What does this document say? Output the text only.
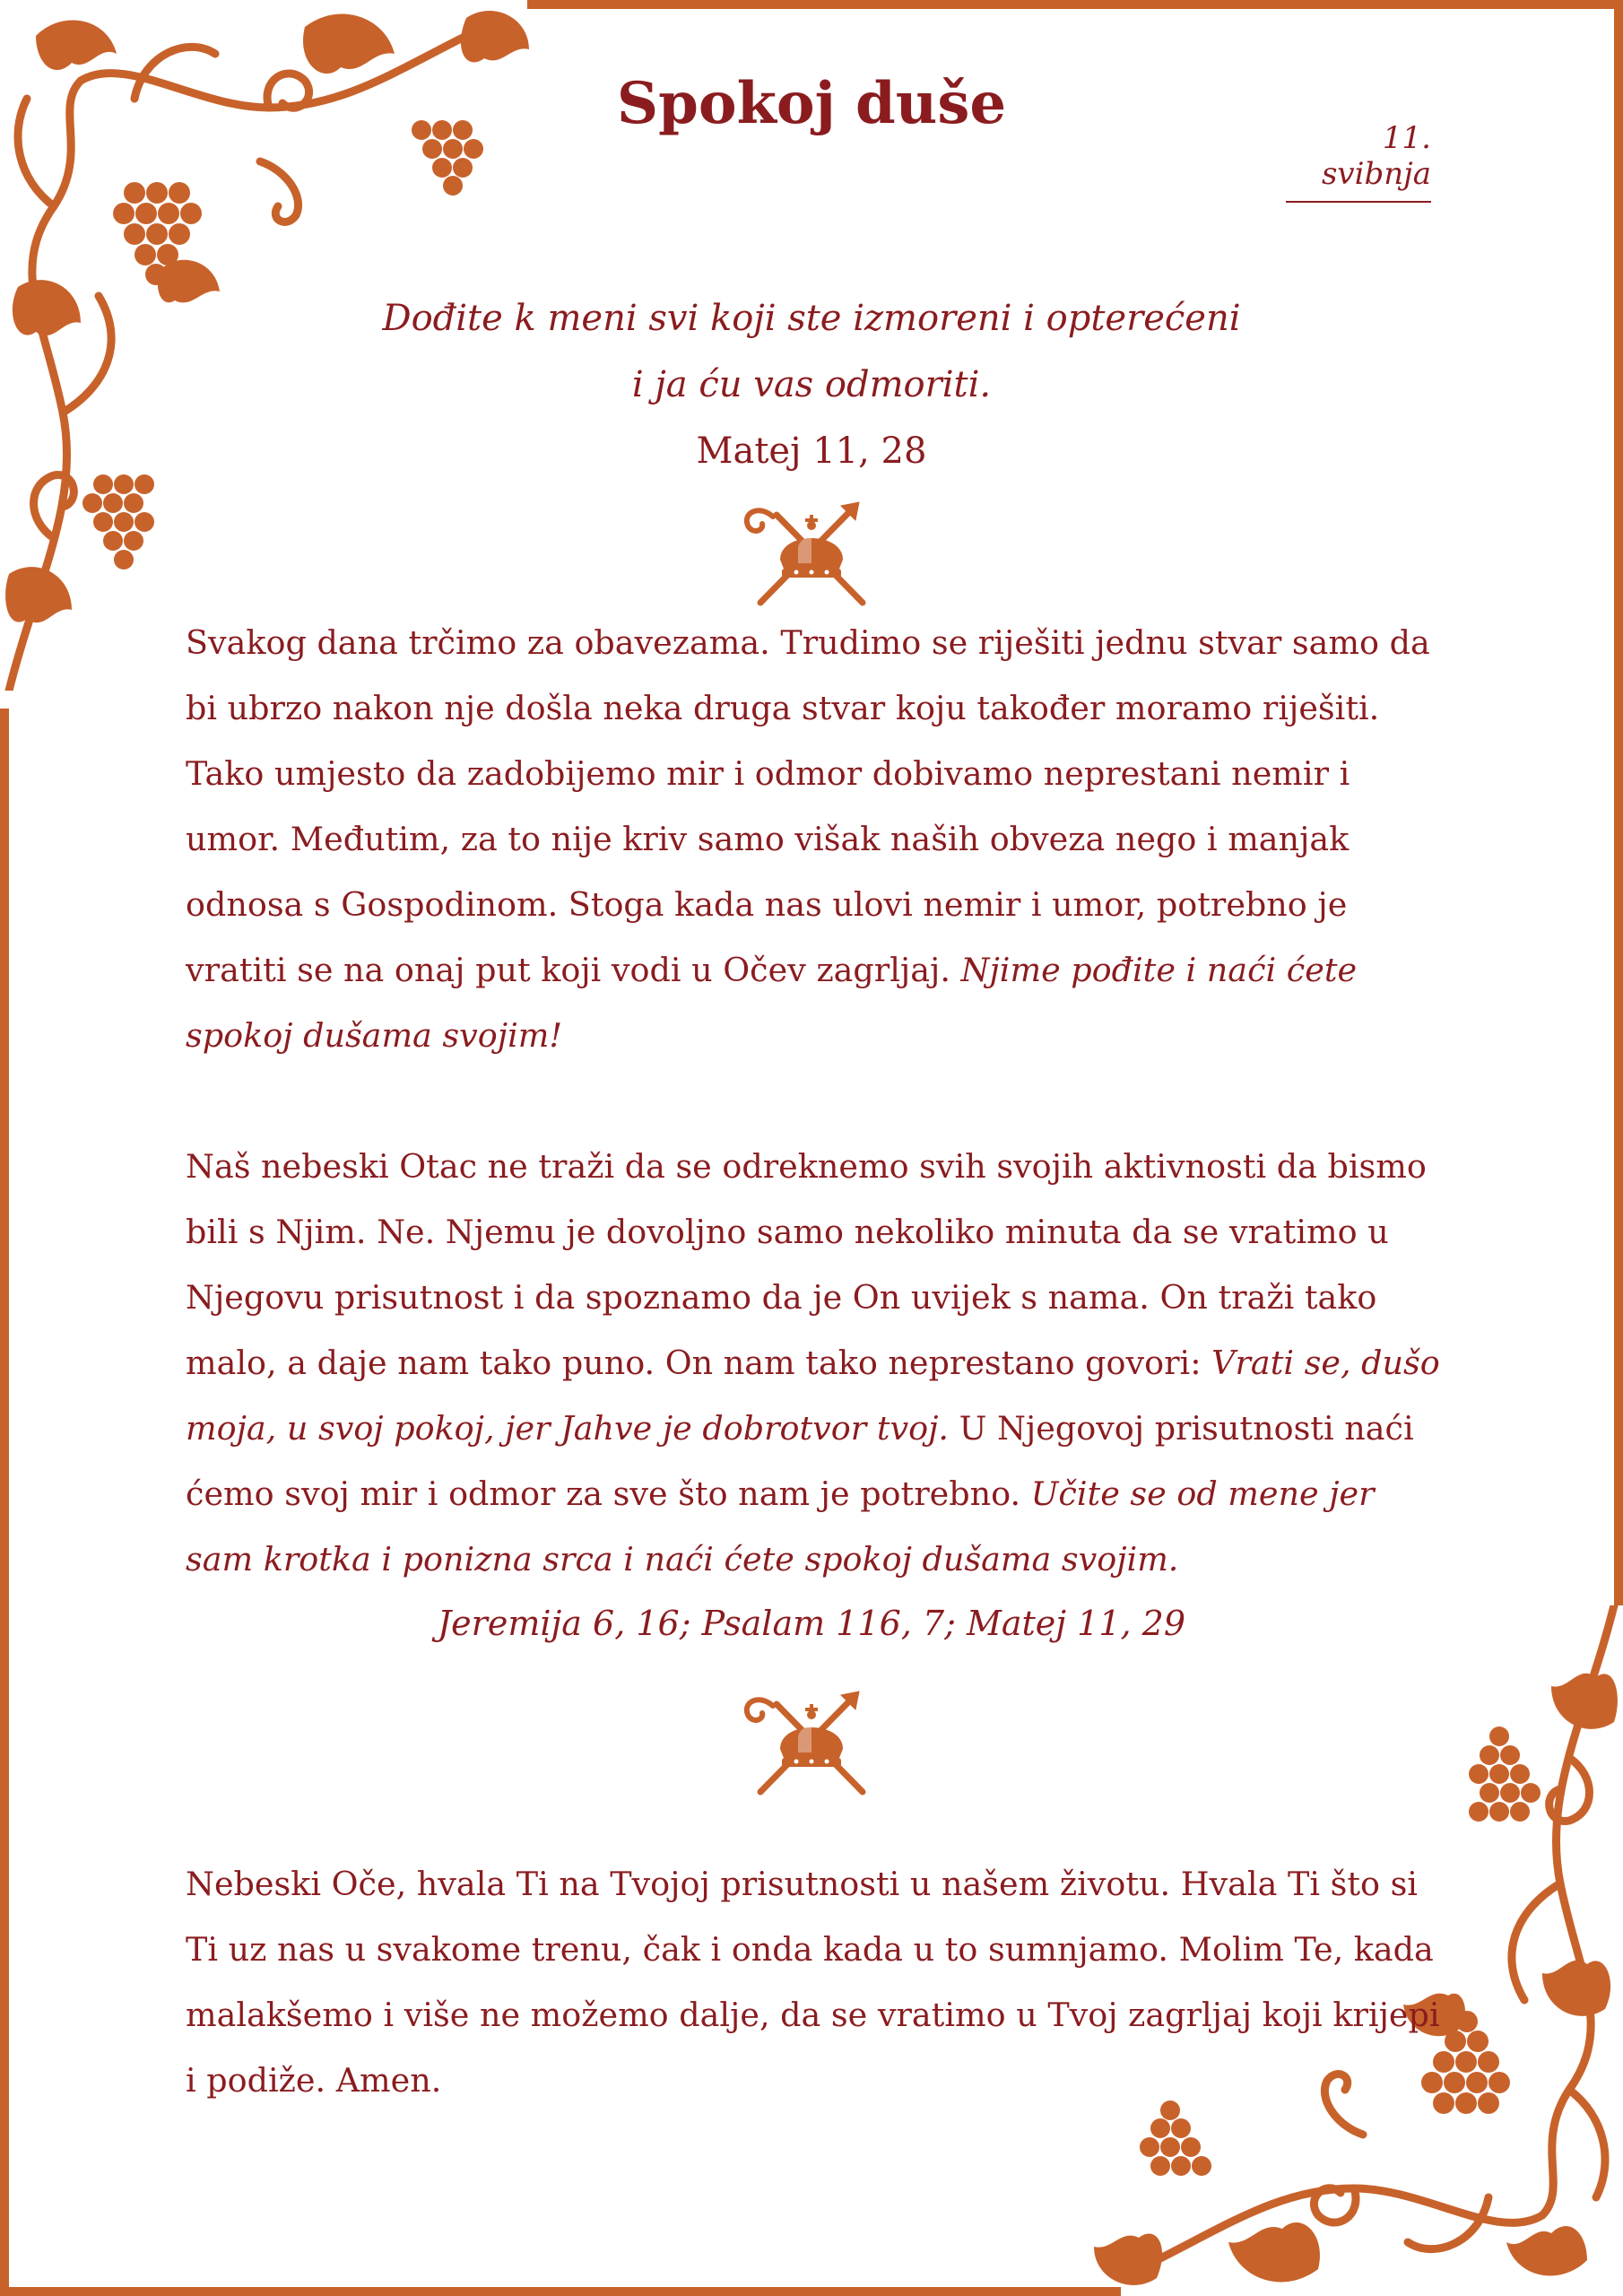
Spokoj duše
11. svibnja
Dođite k meni svi koji ste izmoreni i opterećeni
i ja ću vas odmoriti.
Matej 11, 28

Svakog dana trčimo za obavezama. Trudimo se riješiti jednu stvar samo da bi ubrzo nakon nje došla neka druga stvar koju također moramo riješiti. Tako umjesto da zadobijemo mir i odmor dobivamo neprestani nemir i umor. Međutim, za to nije kriv samo višak naših obveza nego i manjak odnosa s Gospodinom. Stoga kada nas ulovi nemir i umor, potrebno je vratiti se na onaj put koji vodi u Očev zagrljaj. Njime pođite i naći ćete spokoj dušama svojim!

Naš nebeski Otac ne traži da se odreknemo svih svojih aktivnosti da bismo bili s Njim. Ne. Njemu je dovoljno samo nekoliko minuta da se vratimo u Njegovu prisutnost i da spoznamo da je On uvijek s nama. On traži tako malo, a daje nam tako puno. On nam tako neprestano govori: Vrati se, dušo moja, u svoj pokoj, jer Jahve je dobrotvor tvoj. U Njegovoj prisutnosti naći ćemo svoj mir i odmor za sve što nam je potrebno. Učite se od mene jer sam krotka i ponizna srca i naći ćete spokoj dušama svojim.

Jeremija 6, 16; Psalam 116, 7; Matej 11, 29

Nebeski Oče, hvala Ti na Tvojoj prisutnosti u našem životu. Hvala Ti što si Ti uz nas u svakome trenu, čak i onda kada u to sumnjamo. Molim Te, kada malakšemo i više ne možemo dalje, da se vratimo u Tvoj zagrljaj koji krijepi i podiže. Amen.
